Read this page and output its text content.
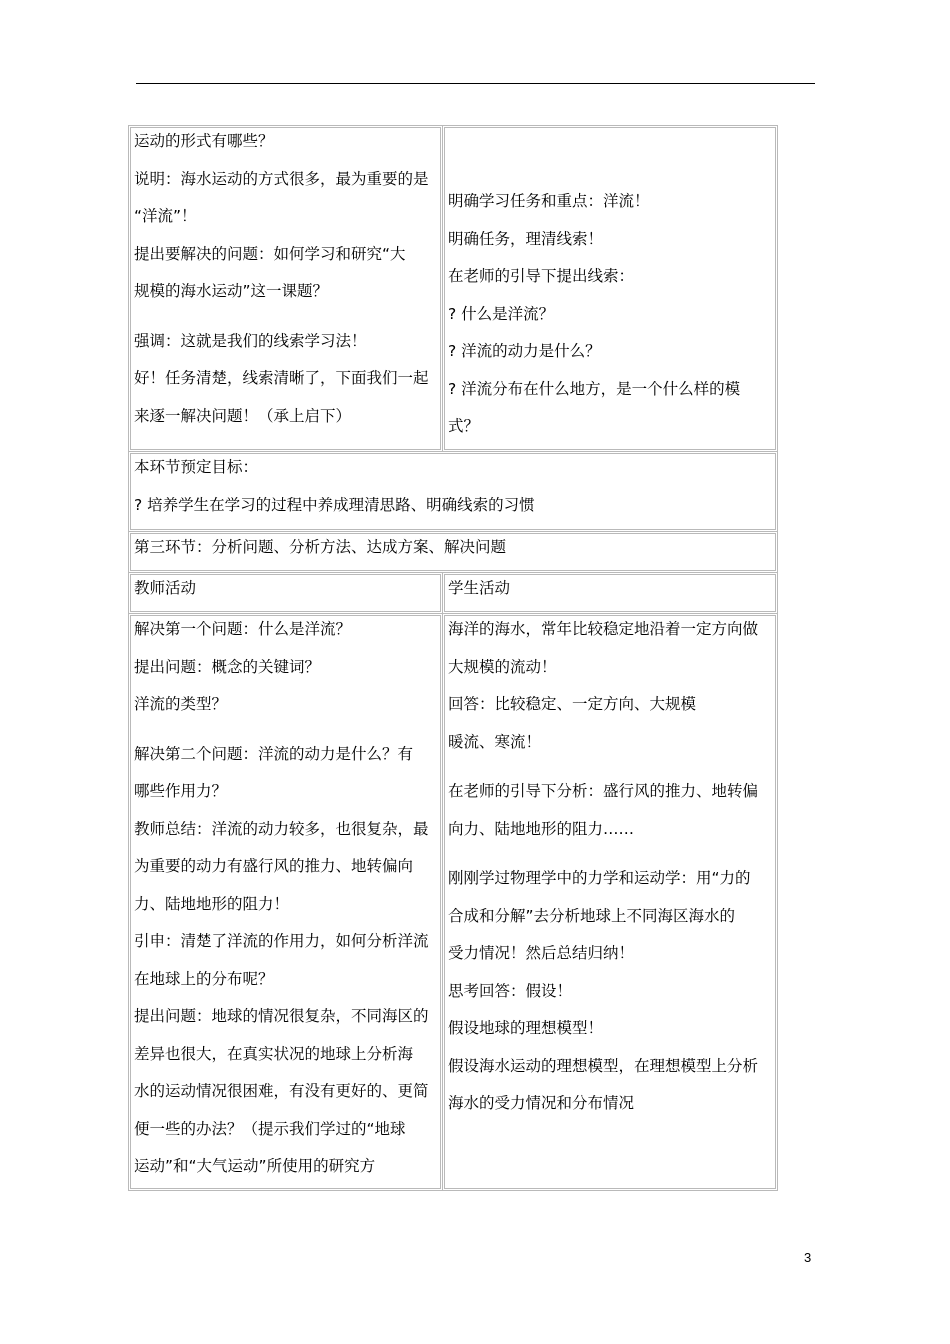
运动的形式有哪些？
说明：海水运动的方式很多，最为重要的是
“洋流”！
提出要解决的问题：如何学习和研究“大
规模的海水运动”这一课题？
强调：这就是我们的线索学习法！
好！任务清楚，线索清晰了，下面我们一起
来逐一解决问题！（承上启下）
明确学习任务和重点：洋流！
明确任务，理清线索！
在老师的引导下提出线索：
? 什么是洋流？
? 洋流的动力是什么？
? 洋流分布在什么地方，是一个什么样的模
式？
本环节预定目标：
? 培养学生在学习的过程中养成理清思路、明确线索的习惯
第三环节：分析问题、分析方法、达成方案、解决问题
教师活动	学生活动
解决第一个问题：什么是洋流？
提出问题：概念的关键词？
洋流的类型？
解决第二个问题：洋流的动力是什么？有
哪些作用力？
教师总结：洋流的动力较多，也很复杂，最
为重要的动力有盛行风的推力、地转偏向
力、陆地地形的阻力！
引申：清楚了洋流的作用力，如何分析洋流
在地球上的分布呢？
提出问题：地球的情况很复杂，不同海区的
差异也很大，在真实状况的地球上分析海
水的运动情况很困难，有没有更好的、更简
便一些的办法？（提示我们学过的“地球
运动”和“大气运动”所使用的研究方
海洋的海水，常年比较稳定地沿着一定方向做
大规模的流动！
回答：比较稳定、一定方向、大规模
暖流、寒流！
在老师的引导下分析：盛行风的推力、地转偏
向力、陆地地形的阻力……
刚刚学过物理学中的力学和运动学：用“力的
合成和分解”去分析地球上不同海区海水的
受力情况！然后总结归纳！
思考回答：假设！
假设地球的理想模型！
假设海水运动的理想模型，在理想模型上分析
海水的受力情况和分布情况
3
